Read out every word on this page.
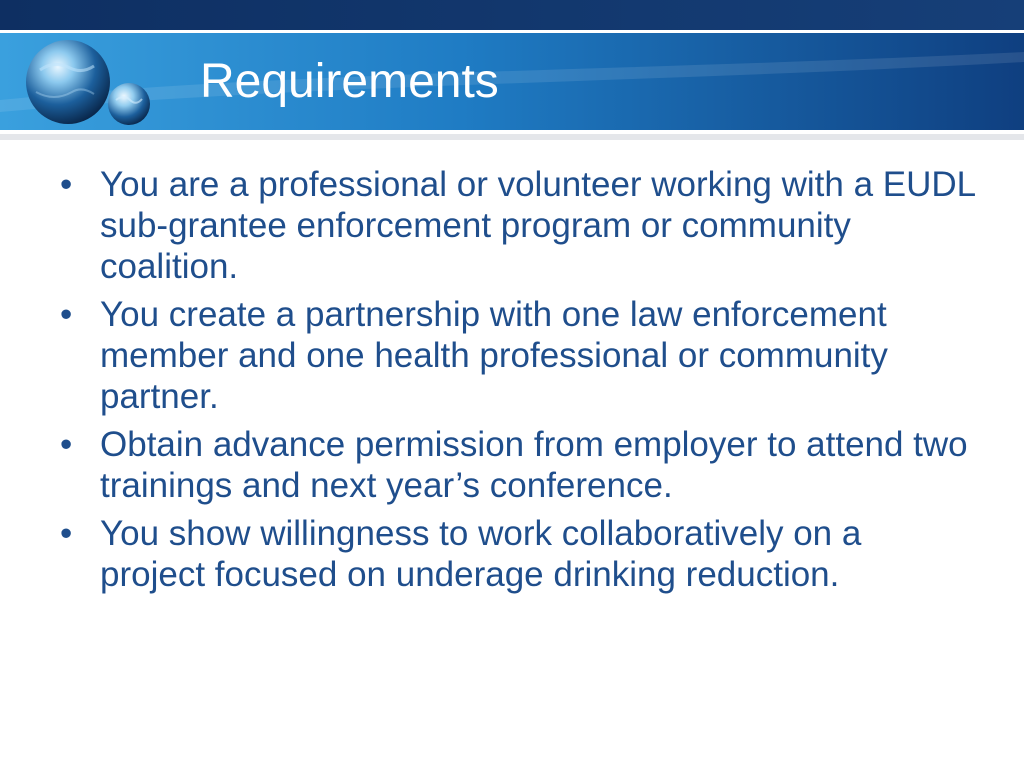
Requirements
• You are a professional or volunteer working with a EUDL sub-grantee enforcement program or community coalition.
• You create a partnership with one law enforcement member and one health professional or community partner.
• Obtain advance permission from employer to attend two trainings and next year’s conference.
• You show willingness to work collaboratively on a project focused on underage drinking reduction.
